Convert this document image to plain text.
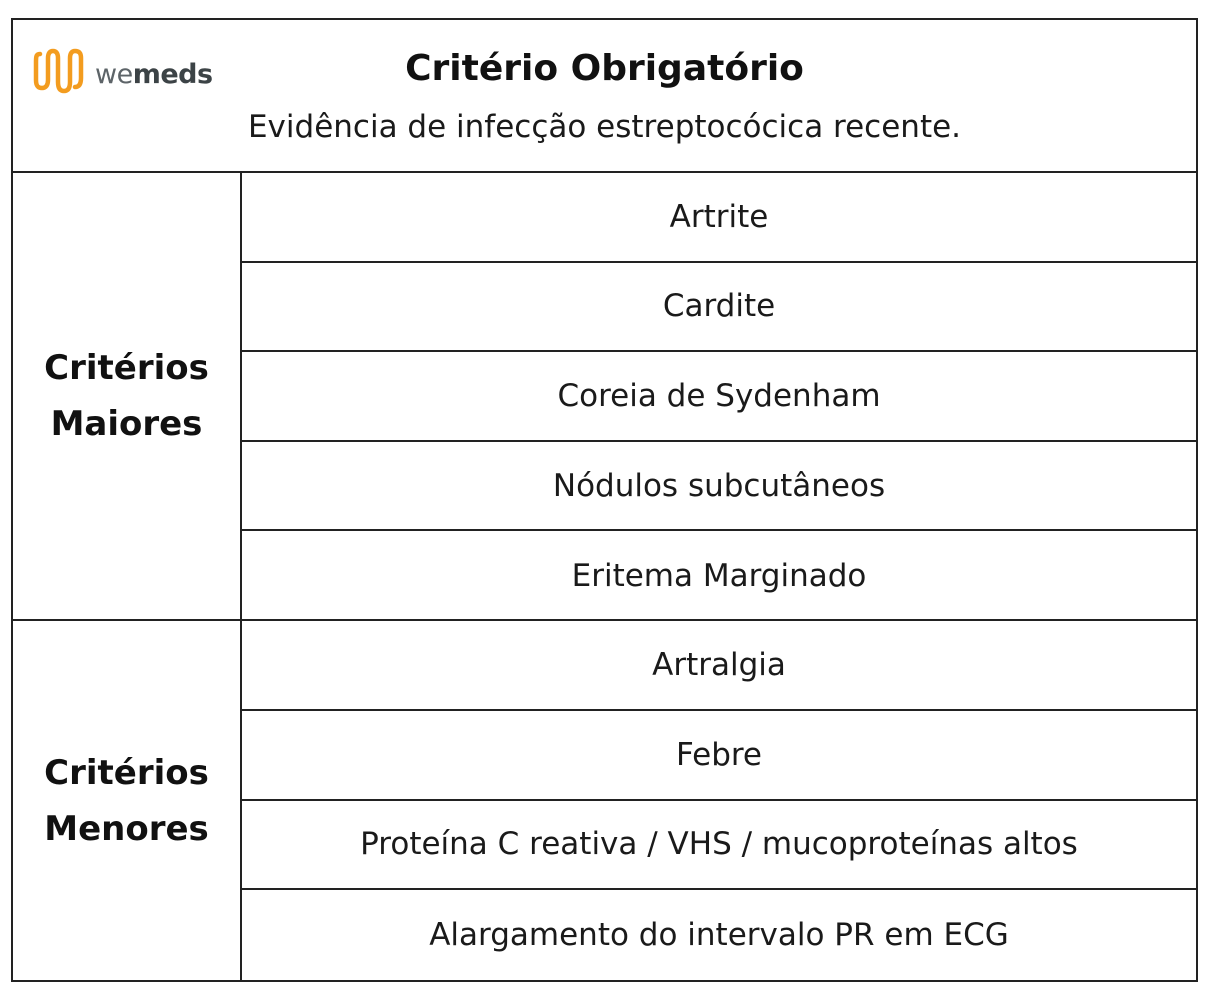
wemeds	Critério Obrigatório
Evidência de infecção estreptocócica recente.
Critérios
Maiores
Artrite
Cardite
Coreia de Sydenham
Nódulos subcutâneos
Eritema Marginado
Critérios
Menores
Artralgia
Febre
Proteína C reativa / VHS / mucoproteínas altos
Alargamento do intervalo PR em ECG
